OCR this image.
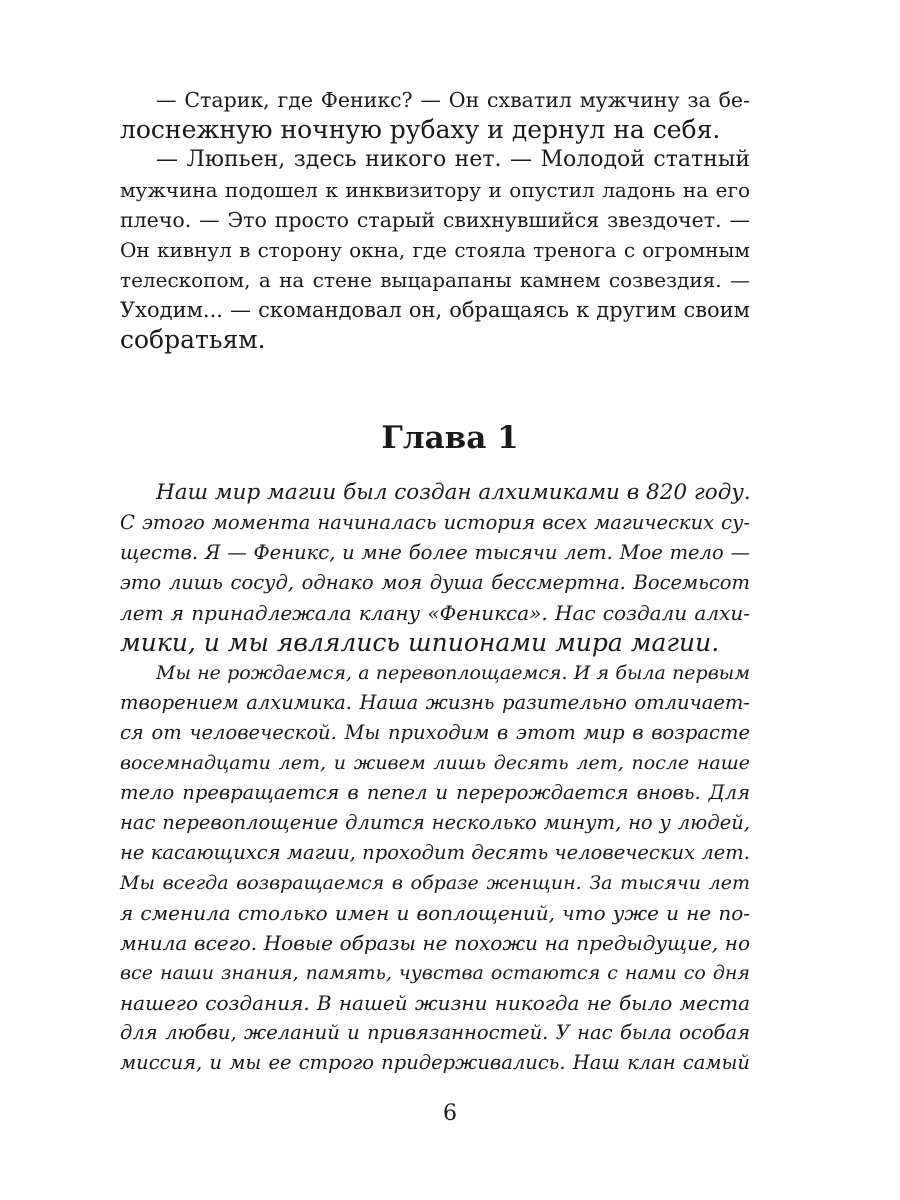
— Старик, где Феникс? — Он схватил мужчину за бе-
лоснежную ночную рубаху и дернул на себя.
— Люпьен, здесь никого нет. — Молодой статный
мужчина подошел к инквизитору и опустил ладонь на его
плечо. — Это просто старый свихнувшийся звездочет. —
Он кивнул в сторону окна, где стояла тренога с огромным
телескопом, а на стене выцарапаны камнем созвездия. —
Уходим... — скомандовал он, обращаясь к другим своим
собратьям.
Глава 1
Наш мир магии был создан алхимиками в 820 году.
С этого момента начиналась история всех магических су-
ществ. Я — Феникс, и мне более тысячи лет. Мое тело —
это лишь сосуд, однако моя душа бессмертна. Восемьсот
лет я принадлежала клану «Феникса». Нас создали алхи-
мики, и мы являлись шпионами мира магии.
Мы не рождаемся, а перевоплощаемся. И я была первым
творением алхимика. Наша жизнь разительно отличает-
ся от человеческой. Мы приходим в этот мир в возрасте
восемнадцати лет, и живем лишь десять лет, после наше
тело превращается в пепел и перерождается вновь. Для
нас перевоплощение длится несколько минут, но у людей,
не касающихся магии, проходит десять человеческих лет.
Мы всегда возвращаемся в образе женщин. За тысячи лет
я сменила столько имен и воплощений, что уже и не по-
мнила всего. Новые образы не похожи на предыдущие, но
все наши знания, память, чувства остаются с нами со дня
нашего создания. В нашей жизни никогда не было места
для любви, желаний и привязанностей. У нас была особая
миссия, и мы ее строго придерживались. Наш клан самый
6
